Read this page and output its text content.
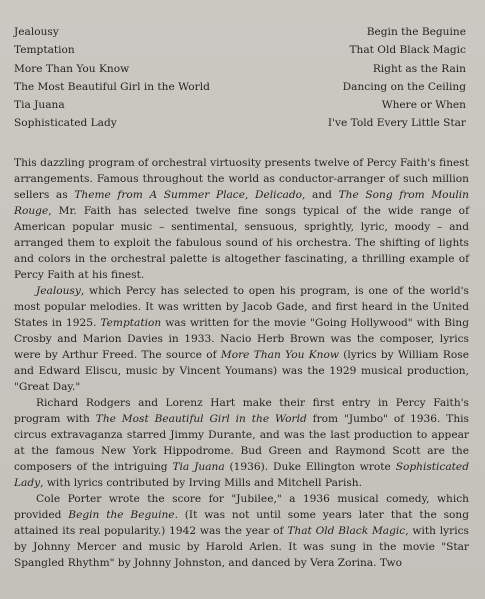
Jealousy	Begin the Beguine
Temptation	That Old Black Magic
More Than You Know	Right as the Rain
The Most Beautiful Girl in the World	Dancing on the Ceiling
Tia Juana	Where or When
Sophisticated Lady	I've Told Every Little Star

This dazzling program of orchestral virtuosity presents twelve of Percy Faith's finest arrangements. Famous throughout the world as conductor-arranger of such million sellers as Theme from A Summer Place, Delicado, and The Song from Moulin Rouge, Mr. Faith has selected twelve fine songs typical of the wide range of American popular music – sentimental, sensuous, sprightly, lyric, moody – and arranged them to exploit the fabulous sound of his orchestra. The shifting of lights and colors in the orchestral palette is altogether fascinating, a thrilling example of Percy Faith at his finest.

Jealousy, which Percy has selected to open his program, is one of the world's most popular melodies. It was written by Jacob Gade, and first heard in the United States in 1925. Temptation was written for the movie "Going Hollywood" with Bing Crosby and Marion Davies in 1933. Nacio Herb Brown was the composer, lyrics were by Arthur Freed. The source of More Than You Know (lyrics by William Rose and Edward Eliscu, music by Vincent Youmans) was the 1929 musical production, "Great Day."

Richard Rodgers and Lorenz Hart make their first entry in Percy Faith's program with The Most Beautiful Girl in the World from "Jumbo" of 1936. This circus extravaganza starred Jimmy Durante, and was the last production to appear at the famous New York Hippodrome. Bud Green and Raymond Scott are the composers of the intriguing Tia Juana (1936). Duke Ellington wrote Sophisticated Lady, with lyrics contributed by Irving Mills and Mitchell Parish.

Cole Porter wrote the score for "Jubilee," a 1936 musical comedy, which provided Begin the Beguine. (It was not until some years later that the song attained its real popularity.) 1942 was the year of That Old Black Magic, with lyrics by Johnny Mercer and music by Harold Arlen. It was sung in the movie "Star Spangled Rhythm" by Johnny Johnston, and danced by Vera Zorina. Two
